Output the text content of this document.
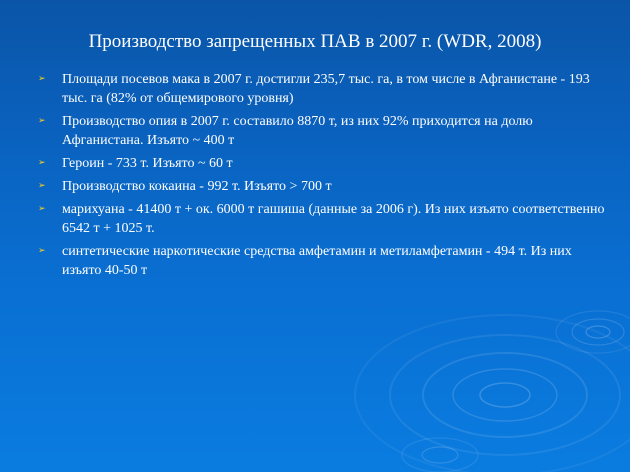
Производство запрещенных ПАВ в 2007 г. (WDR, 2008)
➢	Площади посевов мака в 2007 г. достигли 235,7 тыс. га, в том числе в Афганистане - 193 тыс. га (82% от общемирового уровня)
➢	Производство опия в 2007 г. составило 8870 т, из них 92% приходится на долю Афганистана. Изъято ~ 400 т
➢	Героин - 733 т. Изъято ~ 60 т
➢	Производство кокаина - 992 т. Изъято > 700 т
➢	марихуана - 41400 т + ок. 6000 т гашиша (данные за 2006 г). Из них изъято соответственно 6542 т + 1025 т.
➢	синтетические наркотические средства амфетамин и метиламфетамин - 494 т. Из них изъято 40-50 т
